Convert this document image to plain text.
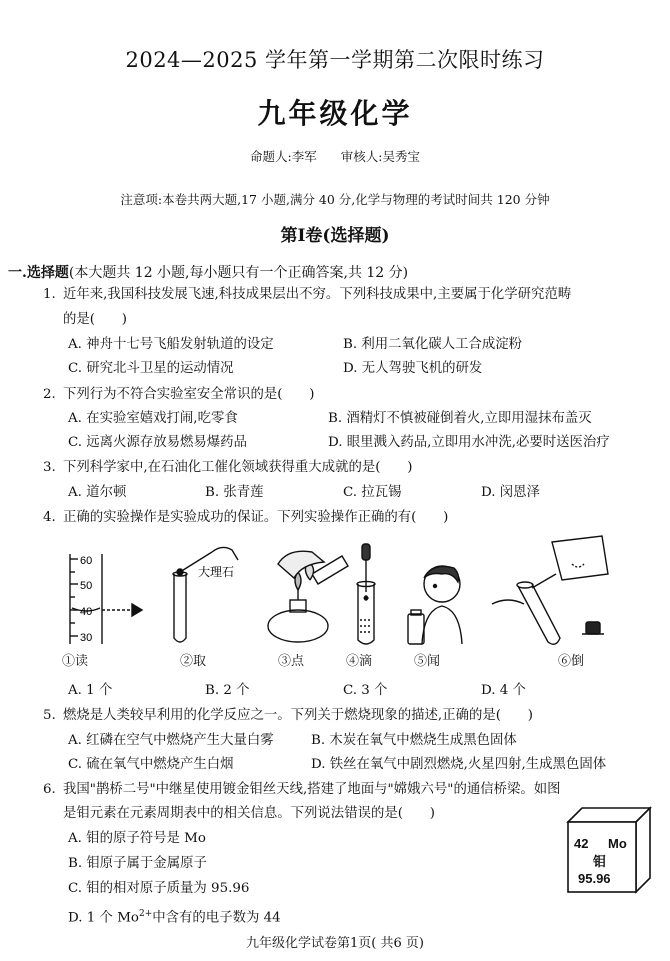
2024—2025 学年第一学期第二次限时练习
九年级化学
命题人:李军 审核人:吴秀宝
注意项:本卷共两大题,17 小题,满分 40 分,化学与物理的考试时间共 120 分钟
第Ⅰ卷(选择题)
一.选择题(本大题共 12 小题,每小题只有一个正确答案,共 12 分)
1. 近年来,我国科技发展飞速,科技成果层出不穷。下列科技成果中,主要属于化学研究范畴
的是(　　)
A. 神舟十七号飞船发射轨道的设定	B. 利用二氧化碳人工合成淀粉
C. 研究北斗卫星的运动情况	D. 无人驾驶飞机的研发
2. 下列行为不符合实验室安全常识的是(　　)
A. 在实验室嬉戏打闹,吃零食	B. 酒精灯不慎被碰倒着火,立即用湿抹布盖灭
C. 远离火源存放易燃易爆药品	D. 眼里溅入药品,立即用水冲洗,必要时送医治疗
3. 下列科学家中,在石油化工催化领域获得重大成就的是(　　)
A. 道尔顿	B. 张青莲	C. 拉瓦锡	D. 闵恩泽
4. 正确的实验操作是实验成功的保证。下列实验操作正确的有(　　)
60
50
40
30
大理石
①读	②取	③点	④滴	⑤闻	⑥倒
A. 1 个	B. 2 个	C. 3 个	D. 4 个
5. 燃烧是人类较早利用的化学反应之一。下列关于燃烧现象的描述,正确的是(　　)
A. 红磷在空气中燃烧产生大量白雾	B. 木炭在氧气中燃烧生成黑色固体
C. 硫在氧气中燃烧产生白烟	D. 铁丝在氧气中剧烈燃烧,火星四射,生成黑色固体
6. 我国"鹊桥二号"中继星使用镀金钼丝天线,搭建了地面与"嫦娥六号"的通信桥梁。如图
是钼元素在元素周期表中的相关信息。下列说法错误的是(　　)
A. 钼的原子符号是 Mo
B. 钼原子属于金属原子
C. 钼的相对原子质量为 95.96
D. 1 个 $Mo^{2+}$中含有的电子数为 44
42 Mo
钼
95.96
九年级化学试卷第1页( 共6 页)
